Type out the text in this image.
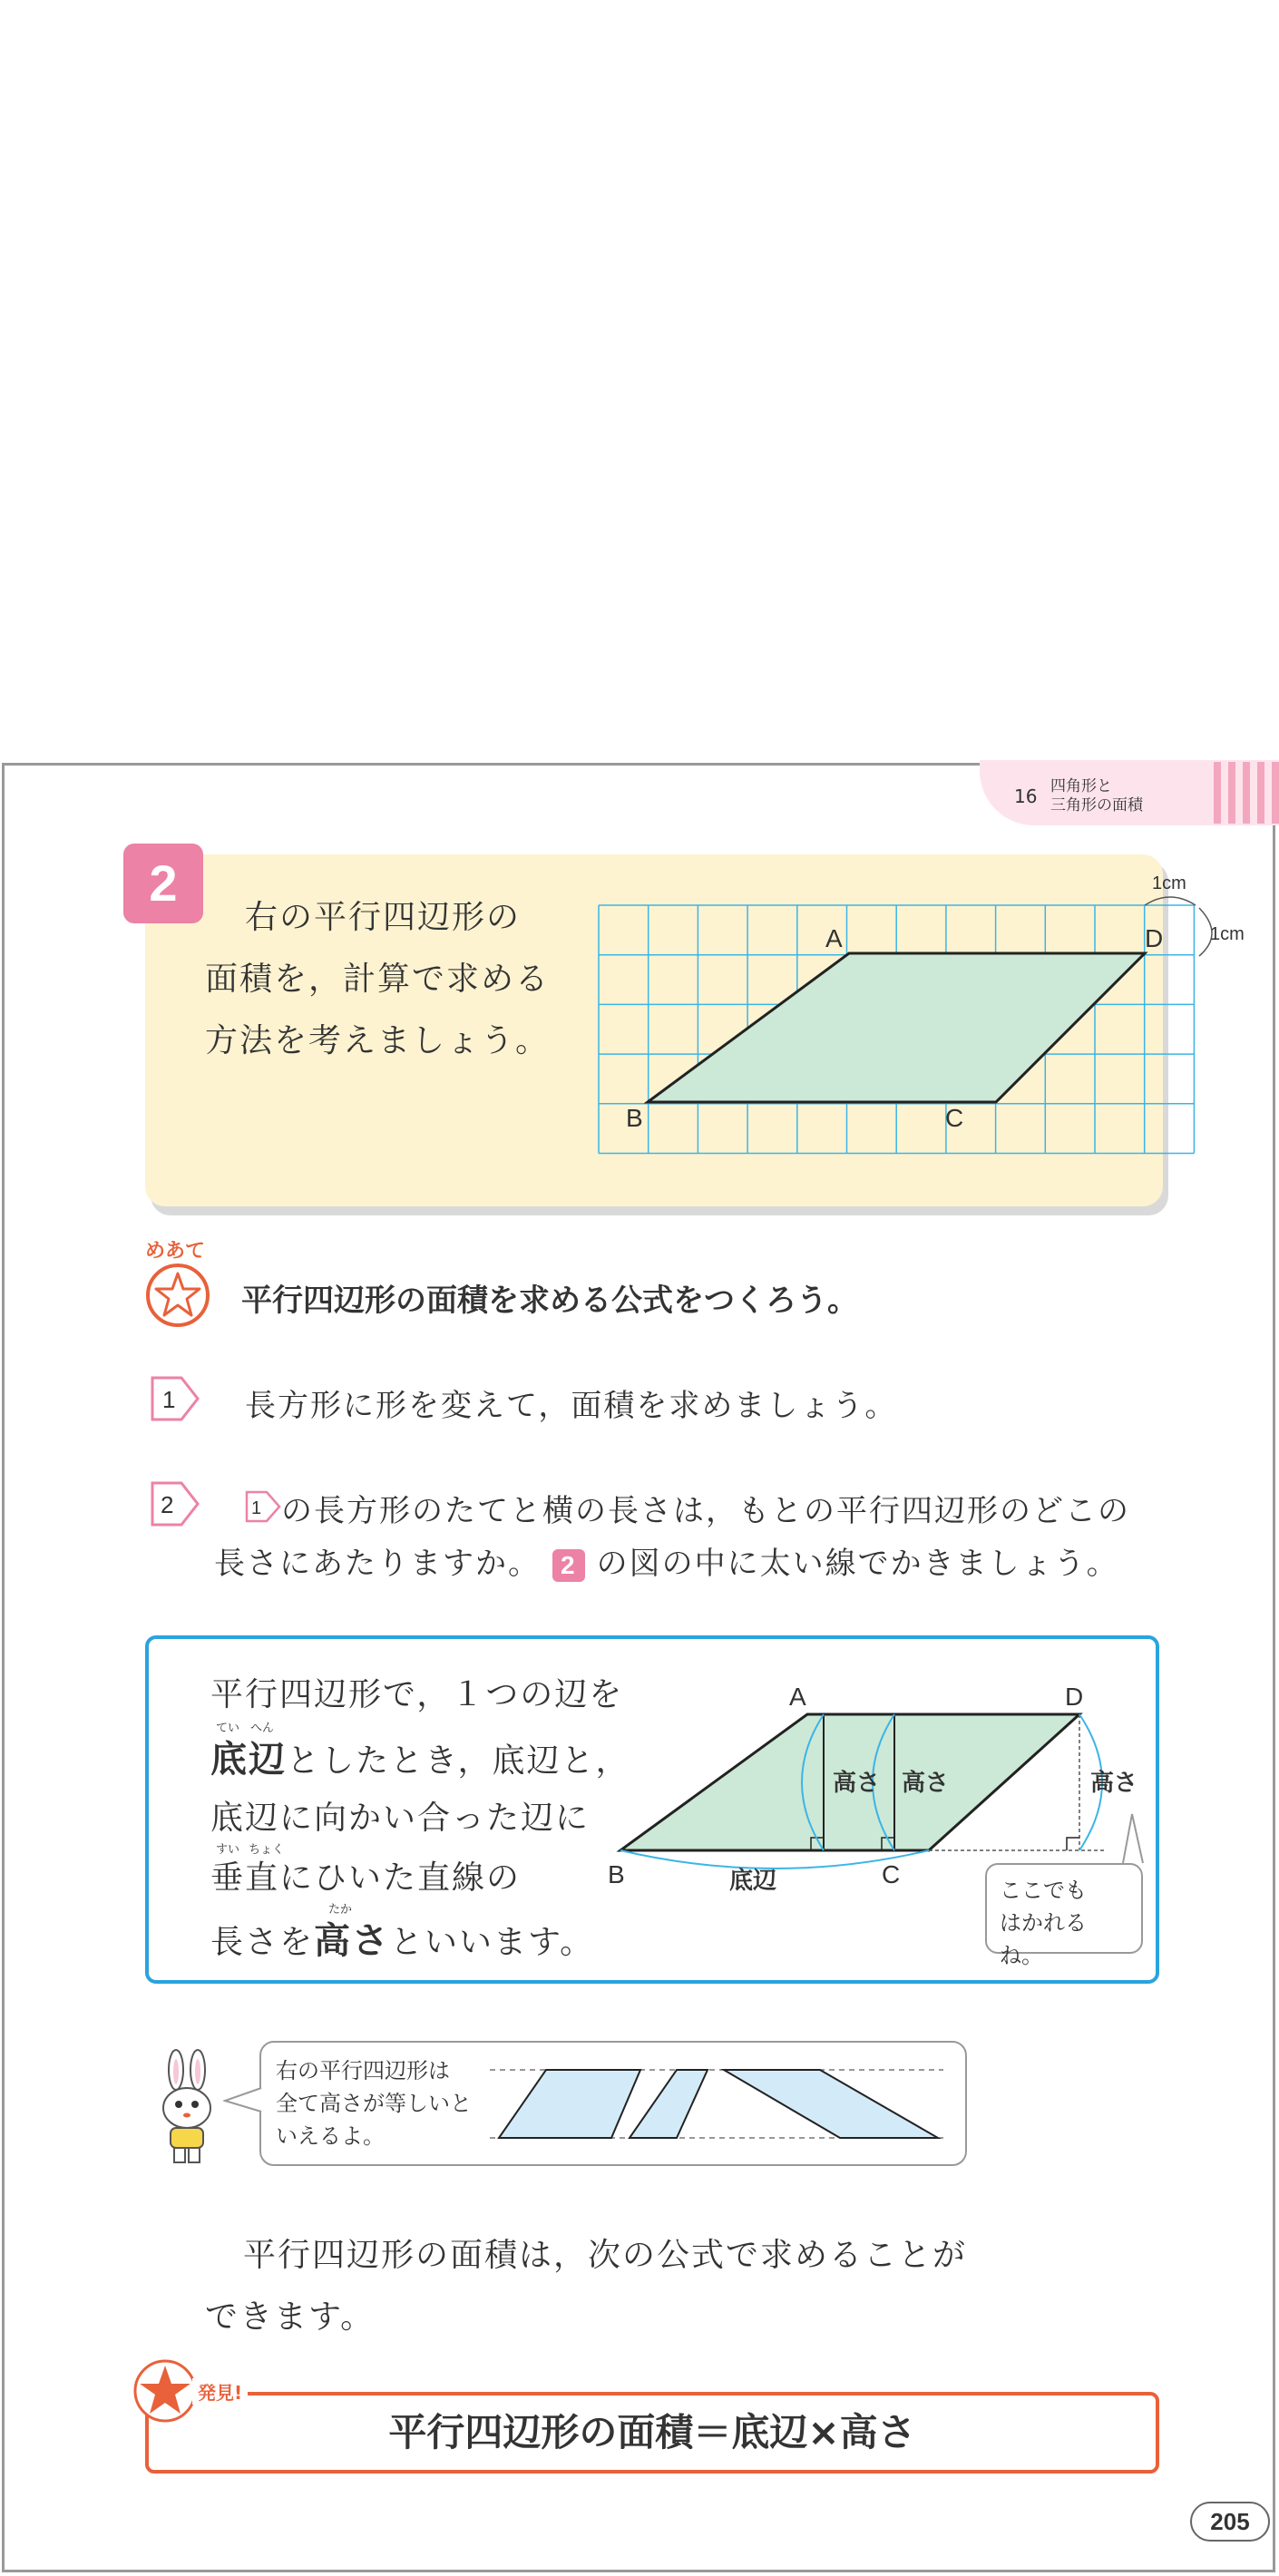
16 四角形と
三角形の面積
2
右の平行四辺形の
面積を，計算で求める
方法を考えましょう。
A	D
B	C
1cm
1cm
めあて
平行四辺形の面積を求める公式をつくろう。
1 長方形に形を変えて，面積を求めましょう。
2	1 の長方形のたてと横の長さは，もとの平行四辺形のどこの
長さにあたりますか。 2 の図の中に太い線でかきましょう。
平行四辺形で，１つの辺を
てい へん
底辺としたとき，底辺と，
底辺に向かい合った辺に
すい ちょく
垂直にひいた直線の
たか
長さを高さといいます。
A	D
B	C
高さ 高さ	高さ
底辺	ここでも
はかれるね。
右の平行四辺形は
全て高さが等しいと
いえるよ。
平行四辺形の面積は，次の公式で求めることが
できます。
平行四辺形の面積＝底辺×高さ
発見!
205
